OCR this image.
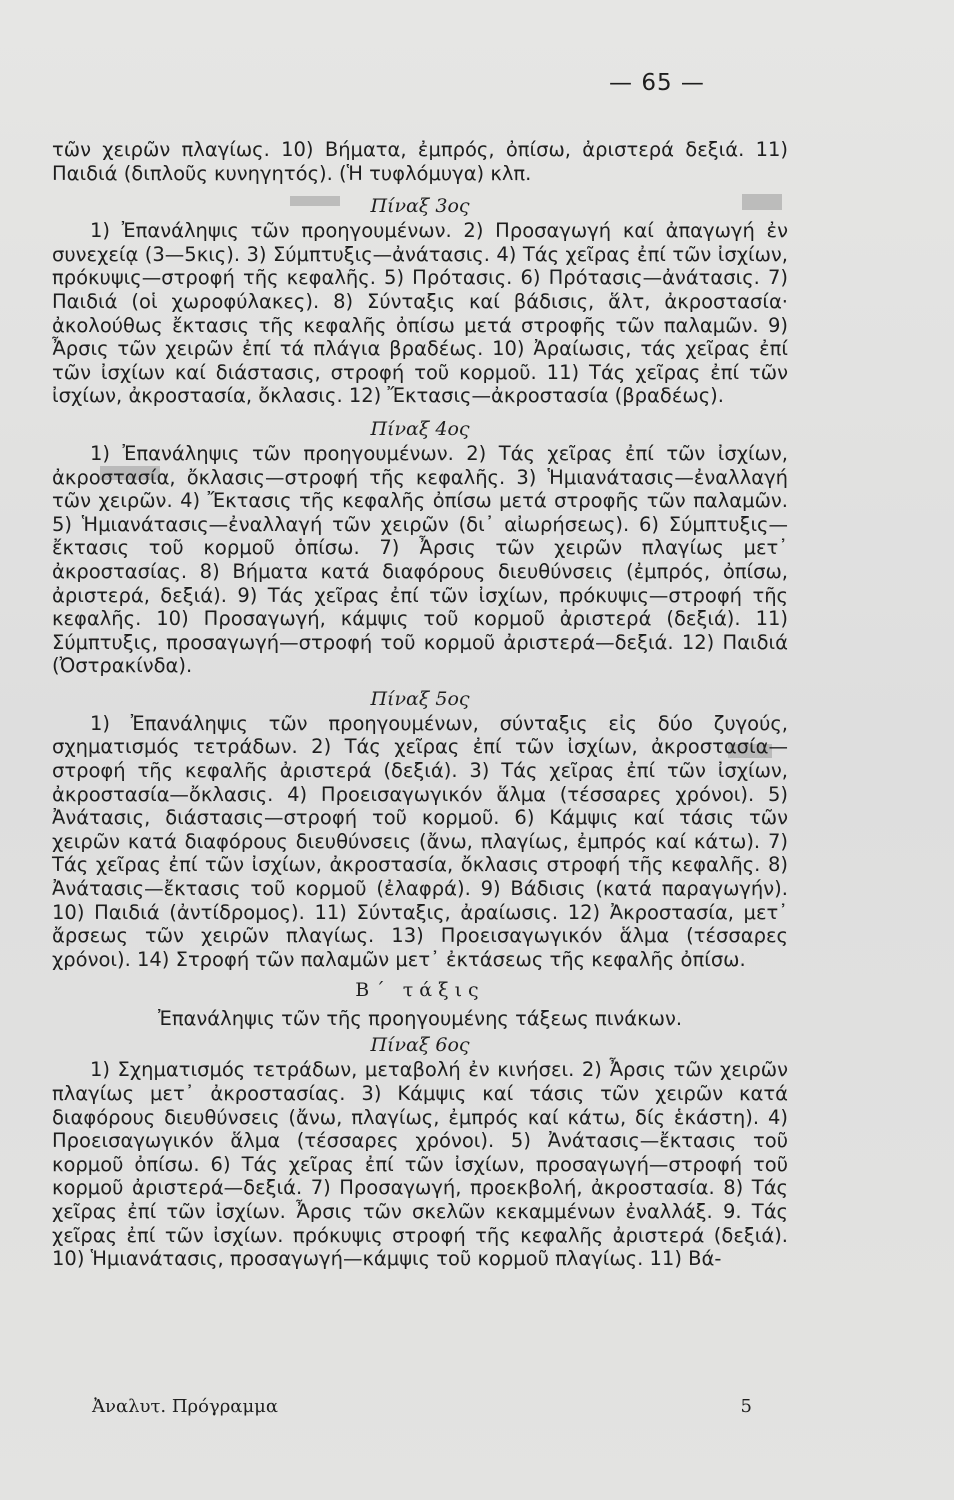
— 65 —

τῶν χειρῶν πλαγίως. 10) Βήματα, ἐμπρός, ὀπίσω, ἀριστερά δεξιά. 11) Παιδιά (διπλοῦς κυνηγητός). (Ἡ τυφλόμυγα) κλπ.

Πίναξ 3ος

1) Ἐπανάληψις τῶν προηγουμένων. 2) Προσαγωγή καί ἀπαγωγή ἐν συνεχείᾳ (3—5κις). 3) Σύμπτυξις—ἀνάτασις. 4) Τάς χεῖρας ἐπί τῶν ἰσχίων, πρόκυψις—στροφή τῆς κεφαλῆς. 5) Πρότασις. 6) Πρότασις—ἀνάτασις. 7) Παιδιά (οἱ χωροφύλακες). 8) Σύνταξις καί βάδισις, ἅλτ, ἀκροστασία· ἀκολούθως ἔκτασις τῆς κεφαλῆς ὀπίσω μετά στροφῆς τῶν παλαμῶν. 9) Ἆρσις τῶν χειρῶν ἐπί τά πλάγια βραδέως. 10) Ἀραίωσις, τάς χεῖρας ἐπί τῶν ἰσχίων καί διάστασις, στροφή τοῦ κορμοῦ. 11) Τάς χεῖρας ἐπί τῶν ἰσχίων, ἀκροστασία, ὄκλασις. 12) Ἔκτασις—ἀκροστασία (βραδέως).

Πίναξ 4ος

1) Ἐπανάληψις τῶν προηγουμένων. 2) Τάς χεῖρας ἐπί τῶν ἰσχίων, ἀκροστασία, ὄκλασις—στροφή τῆς κεφαλῆς. 3) Ἡμιανάτασις—ἐναλλαγή τῶν χειρῶν. 4) Ἔκτασις τῆς κεφαλῆς ὀπίσω μετά στροφῆς τῶν παλαμῶν. 5) Ἡμιανάτασις—ἐναλλαγή τῶν χειρῶν (δι᾽ αἰωρήσεως). 6) Σύμπτυξις—ἔκτασις τοῦ κορμοῦ ὀπίσω. 7) Ἆρσις τῶν χειρῶν πλαγίως μετ᾽ ἀκροστασίας. 8) Βήματα κατά διαφόρους διευθύνσεις (ἐμπρός, ὀπίσω, ἀριστερά, δεξιά). 9) Τάς χεῖρας ἐπί τῶν ἰσχίων, πρόκυψις—στροφή τῆς κεφαλῆς. 10) Προσαγωγή, κάμψις τοῦ κορμοῦ ἀριστερά (δεξιά). 11) Σύμπτυξις, προσαγωγή—στροφή τοῦ κορμοῦ ἀριστερά—δεξιά. 12) Παιδιά (Ὀστρακίνδα).

Πίναξ 5ος

1) Ἐπανάληψις τῶν προηγουμένων, σύνταξις εἰς δύο ζυγούς, σχηματισμός τετράδων. 2) Τάς χεῖρας ἐπί τῶν ἰσχίων, ἀκροστασία—στροφή τῆς κεφαλῆς ἀριστερά (δεξιά). 3) Τάς χεῖρας ἐπί τῶν ἰσχίων, ἀκροστασία—ὄκλασις. 4) Προεισαγωγικόν ἅλμα (τέσσαρες χρόνοι). 5) Ἀνάτασις, διάστασις—στροφή τοῦ κορμοῦ. 6) Κάμψις καί τάσις τῶν χειρῶν κατά διαφόρους διευθύνσεις (ἄνω, πλαγίως, ἐμπρός καί κάτω). 7) Τάς χεῖρας ἐπί τῶν ἰσχίων, ἀκροστασία, ὄκλασις στροφή τῆς κεφαλῆς. 8) Ἀνάτασις—ἔκτασις τοῦ κορμοῦ (ἐλαφρά). 9) Βάδισις (κατά παραγωγήν). 10) Παιδιά (ἀντίδρομος). 11) Σύνταξις, ἀραίωσις. 12) Ἀκροστασία, μετ᾽ ἄρσεως τῶν χειρῶν πλαγίως. 13) Προεισαγωγικόν ἅλμα (τέσσαρες χρόνοι). 14) Στροφή τῶν παλαμῶν μετ᾽ ἐκτάσεως τῆς κεφαλῆς ὀπίσω.

Β΄ τάξις
Ἐπανάληψις τῶν τῆς προηγουμένης τάξεως πινάκων.
Πίναξ 6ος

1) Σχηματισμός τετράδων, μεταβολή ἐν κινήσει. 2) Ἆρσις τῶν χειρῶν πλαγίως μετ᾽ ἀκροστασίας. 3) Κάμψις καί τάσις τῶν χειρῶν κατά διαφόρους διευθύνσεις (ἄνω, πλαγίως, ἐμπρός καί κάτω, δίς ἑκάστη). 4) Προεισαγωγικόν ἅλμα (τέσσαρες χρόνοι). 5) Ἀνάτασις—ἔκτασις τοῦ κορμοῦ ὀπίσω. 6) Τάς χεῖρας ἐπί τῶν ἰσχίων, προσαγωγή—στροφή τοῦ κορμοῦ ἀριστερά—δεξιά. 7) Προσαγωγή, προεκβολή, ἀκροστασία. 8) Τάς χεῖρας ἐπί τῶν ἰσχίων. Ἆρσις τῶν σκελῶν κεκαμμένων ἐναλλάξ. 9. Τάς χεῖρας ἐπί τῶν ἰσχίων. πρόκυψις στροφή τῆς κεφαλῆς ἀριστερά (δεξιά). 10) Ἡμιανάτασις, προσαγωγή—κάμψις τοῦ κορμοῦ πλαγίως. 11) Βά-

Ἀναλυτ. Πρόγραμμα	5
